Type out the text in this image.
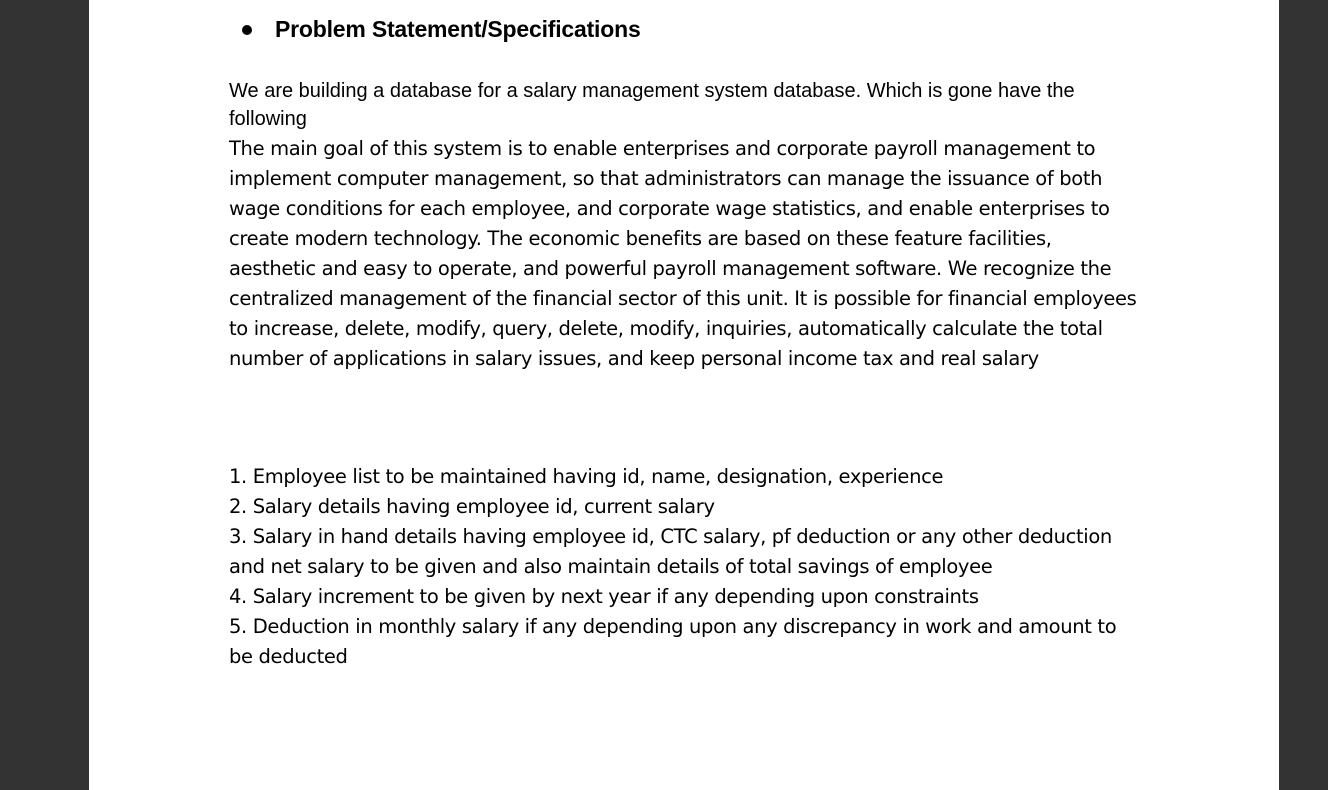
Problem Statement/Specifications
We are building a database for a salary management system database. Which is gone have the following
The main goal of this system is to enable enterprises and corporate payroll management to implement computer management, so that administrators can manage the issuance of both wage conditions for each employee, and corporate wage statistics, and enable enterprises to create modern technology. The economic benefits are based on these feature facilities, aesthetic and easy to operate, and powerful payroll management software. We recognize the centralized management of the financial sector of this unit. It is possible for financial employees to increase, delete, modify, query, delete, modify, inquiries, automatically calculate the total number of applications in salary issues, and keep personal income tax and real salary
1. Employee list to be maintained having id, name, designation, experience
2. Salary details having employee id, current salary
3. Salary in hand details having employee id, CTC salary, pf deduction or any other deduction and net salary to be given and also maintain details of total savings of employee
4. Salary increment to be given by next year if any depending upon constraints
5. Deduction in monthly salary if any depending upon any discrepancy in work and amount to be deducted
